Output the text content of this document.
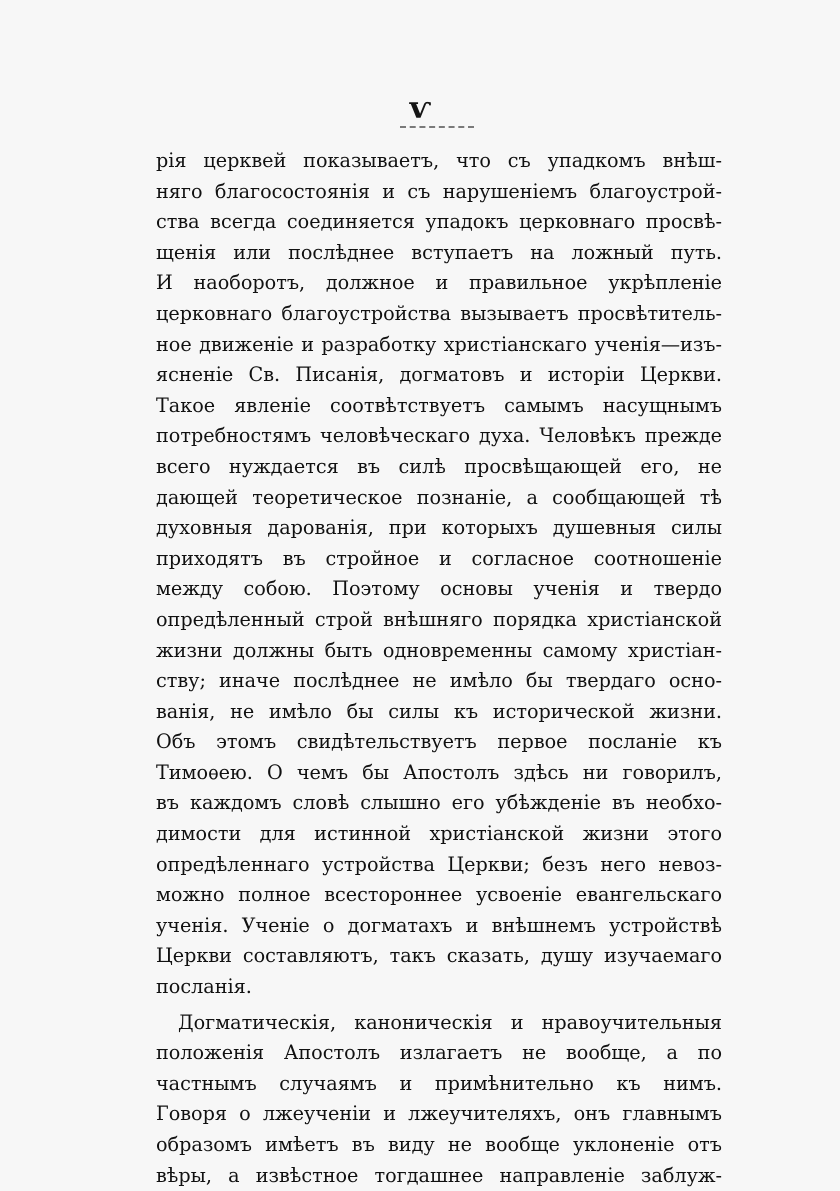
ѵ
рія церквей показываетъ, что съ упадкомъ внѣш-
няго благосостоянія и съ нарушеніемъ благоустрой-
ства всегда соединяется упадокъ церковнаго просвѣ-
щенія или послѣднее вступаетъ на ложный путь.
И наоборотъ, должное и правильное укрѣпленіе
церковнаго благоустройства вызываетъ просвѣтитель-
ное движеніе и разработку христіанскаго ученія—изъ-
ясненіе Св. Писанія, догматовъ и исторіи Церкви.
Такое явленіе соотвѣтствуетъ самымъ насущнымъ
потребностямъ человѣческаго духа. Человѣкъ прежде
всего нуждается въ силѣ просвѣщающей его, не
дающей теоретическое познаніе, а сообщающей тѣ
духовныя дарованія, при которыхъ душевныя силы
приходятъ въ стройное и согласное соотношеніе
между собою. Поэтому основы ученія и твердо
опредѣленный строй внѣшняго порядка христіанской
жизни должны быть одновременны самому христіан-
ству; иначе послѣднее не имѣло бы твердаго осно-
ванія, не имѣло бы силы къ исторической жизни.
Объ этомъ свидѣтельствуетъ первое посланіе къ
Тимоѳею. О чемъ бы Апостолъ здѣсь ни говорилъ,
въ каждомъ словѣ слышно его убѣжденіе въ необхо-
димости для истинной христіанской жизни этого
опредѣленнаго устройства Церкви; безъ него невоз-
можно полное всестороннее усвоеніе евангельскаго
ученія. Ученіе о догматахъ и внѣшнемъ устройствѣ
Церкви составляютъ, такъ сказать, душу изучаемаго
посланія.
Догматическія, каноническія и нравоучительныя
положенія Апостолъ излагаетъ не вообще, а по
частнымъ случаямъ и примѣнительно къ нимъ.
Говоря о лжеученіи и лжеучителяхъ, онъ главнымъ
образомъ имѣетъ въ виду не вообще уклоненіе отъ
вѣры, а извѣстное тогдашнее направленіе заблуж-
